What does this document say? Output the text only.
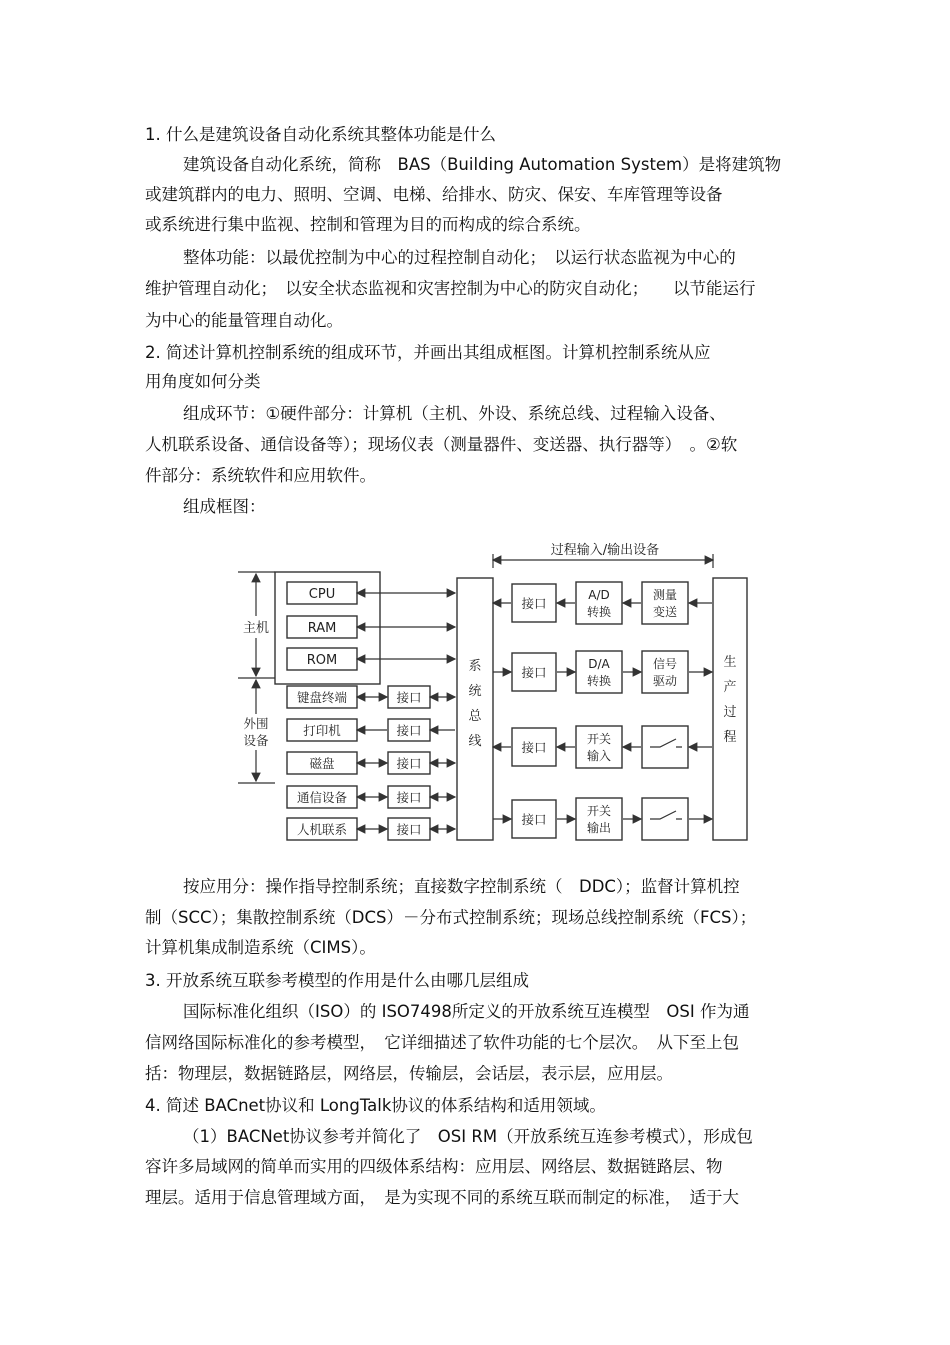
1. 什么是建筑设备自动化系统其整体功能是什么
建筑设备自动化系统，简称　BAS（Building Automation System）是将建筑物
或建筑群内的电力、照明、空调、电梯、给排水、防灾、保安、车库管理等设备
或系统进行集中监视、控制和管理为目的而构成的综合系统。
整体功能：以最优控制为中心的过程控制自动化；　以运行状态监视为中心的
维护管理自动化；　以安全状态监视和灾害控制为中心的防灾自动化；　　以节能运行
为中心的能量管理自动化。
2. 简述计算机控制系统的组成环节，并画出其组成框图。计算机控制系统从应
用角度如何分类
组成环节：①硬件部分：计算机（主机、外设、系统总线、过程输入设备、
人机联系设备、通信设备等）；现场仪表（测量器件、变送器、执行器等）　。②软
件部分：系统软件和应用软件。
组成框图：
按应用分：操作指导控制系统；直接数字控制系统（　DDC）；监督计算机控
制（SCC）；集散控制系统（DCS）－分布式控制系统；现场总线控制系统（FCS）；
计算机集成制造系统（CIMS）。
3. 开放系统互联参考模型的作用是什么由哪几层组成
国际标准化组织（ISO）的 ISO7498所定义的开放系统互连模型　OSI 作为通
信网络国际标准化的参考模型，　它详细描述了软件功能的七个层次。　从下至上包
括：物理层，数据链路层，网络层，传输层，会话层，表示层，应用层。
4. 简述 BACnet协议和 LongTalk协议的体系结构和适用领域。
（1）BACNet协议参考并简化了　OSI RM（开放系统互连参考模式），形成包
容许多局域网的简单而实用的四级体系结构：应用层、网络层、数据链路层、物
理层。适用于信息管理域方面，　是为实现不同的系统互联而制定的标准，　适于大
过程输入/输出设备
主机
外围
设备
CPU
RAM
ROM
键盘终端
打印机
磁盘
通信设备
人机联系
接口
接口
接口
接口
接口
系
统
总
线
接口
接口
接口
接口
A/D
转换
D/A
转换
开关
输入
开关
输出
测量
变送
信号
驱动
生
产
过
程
